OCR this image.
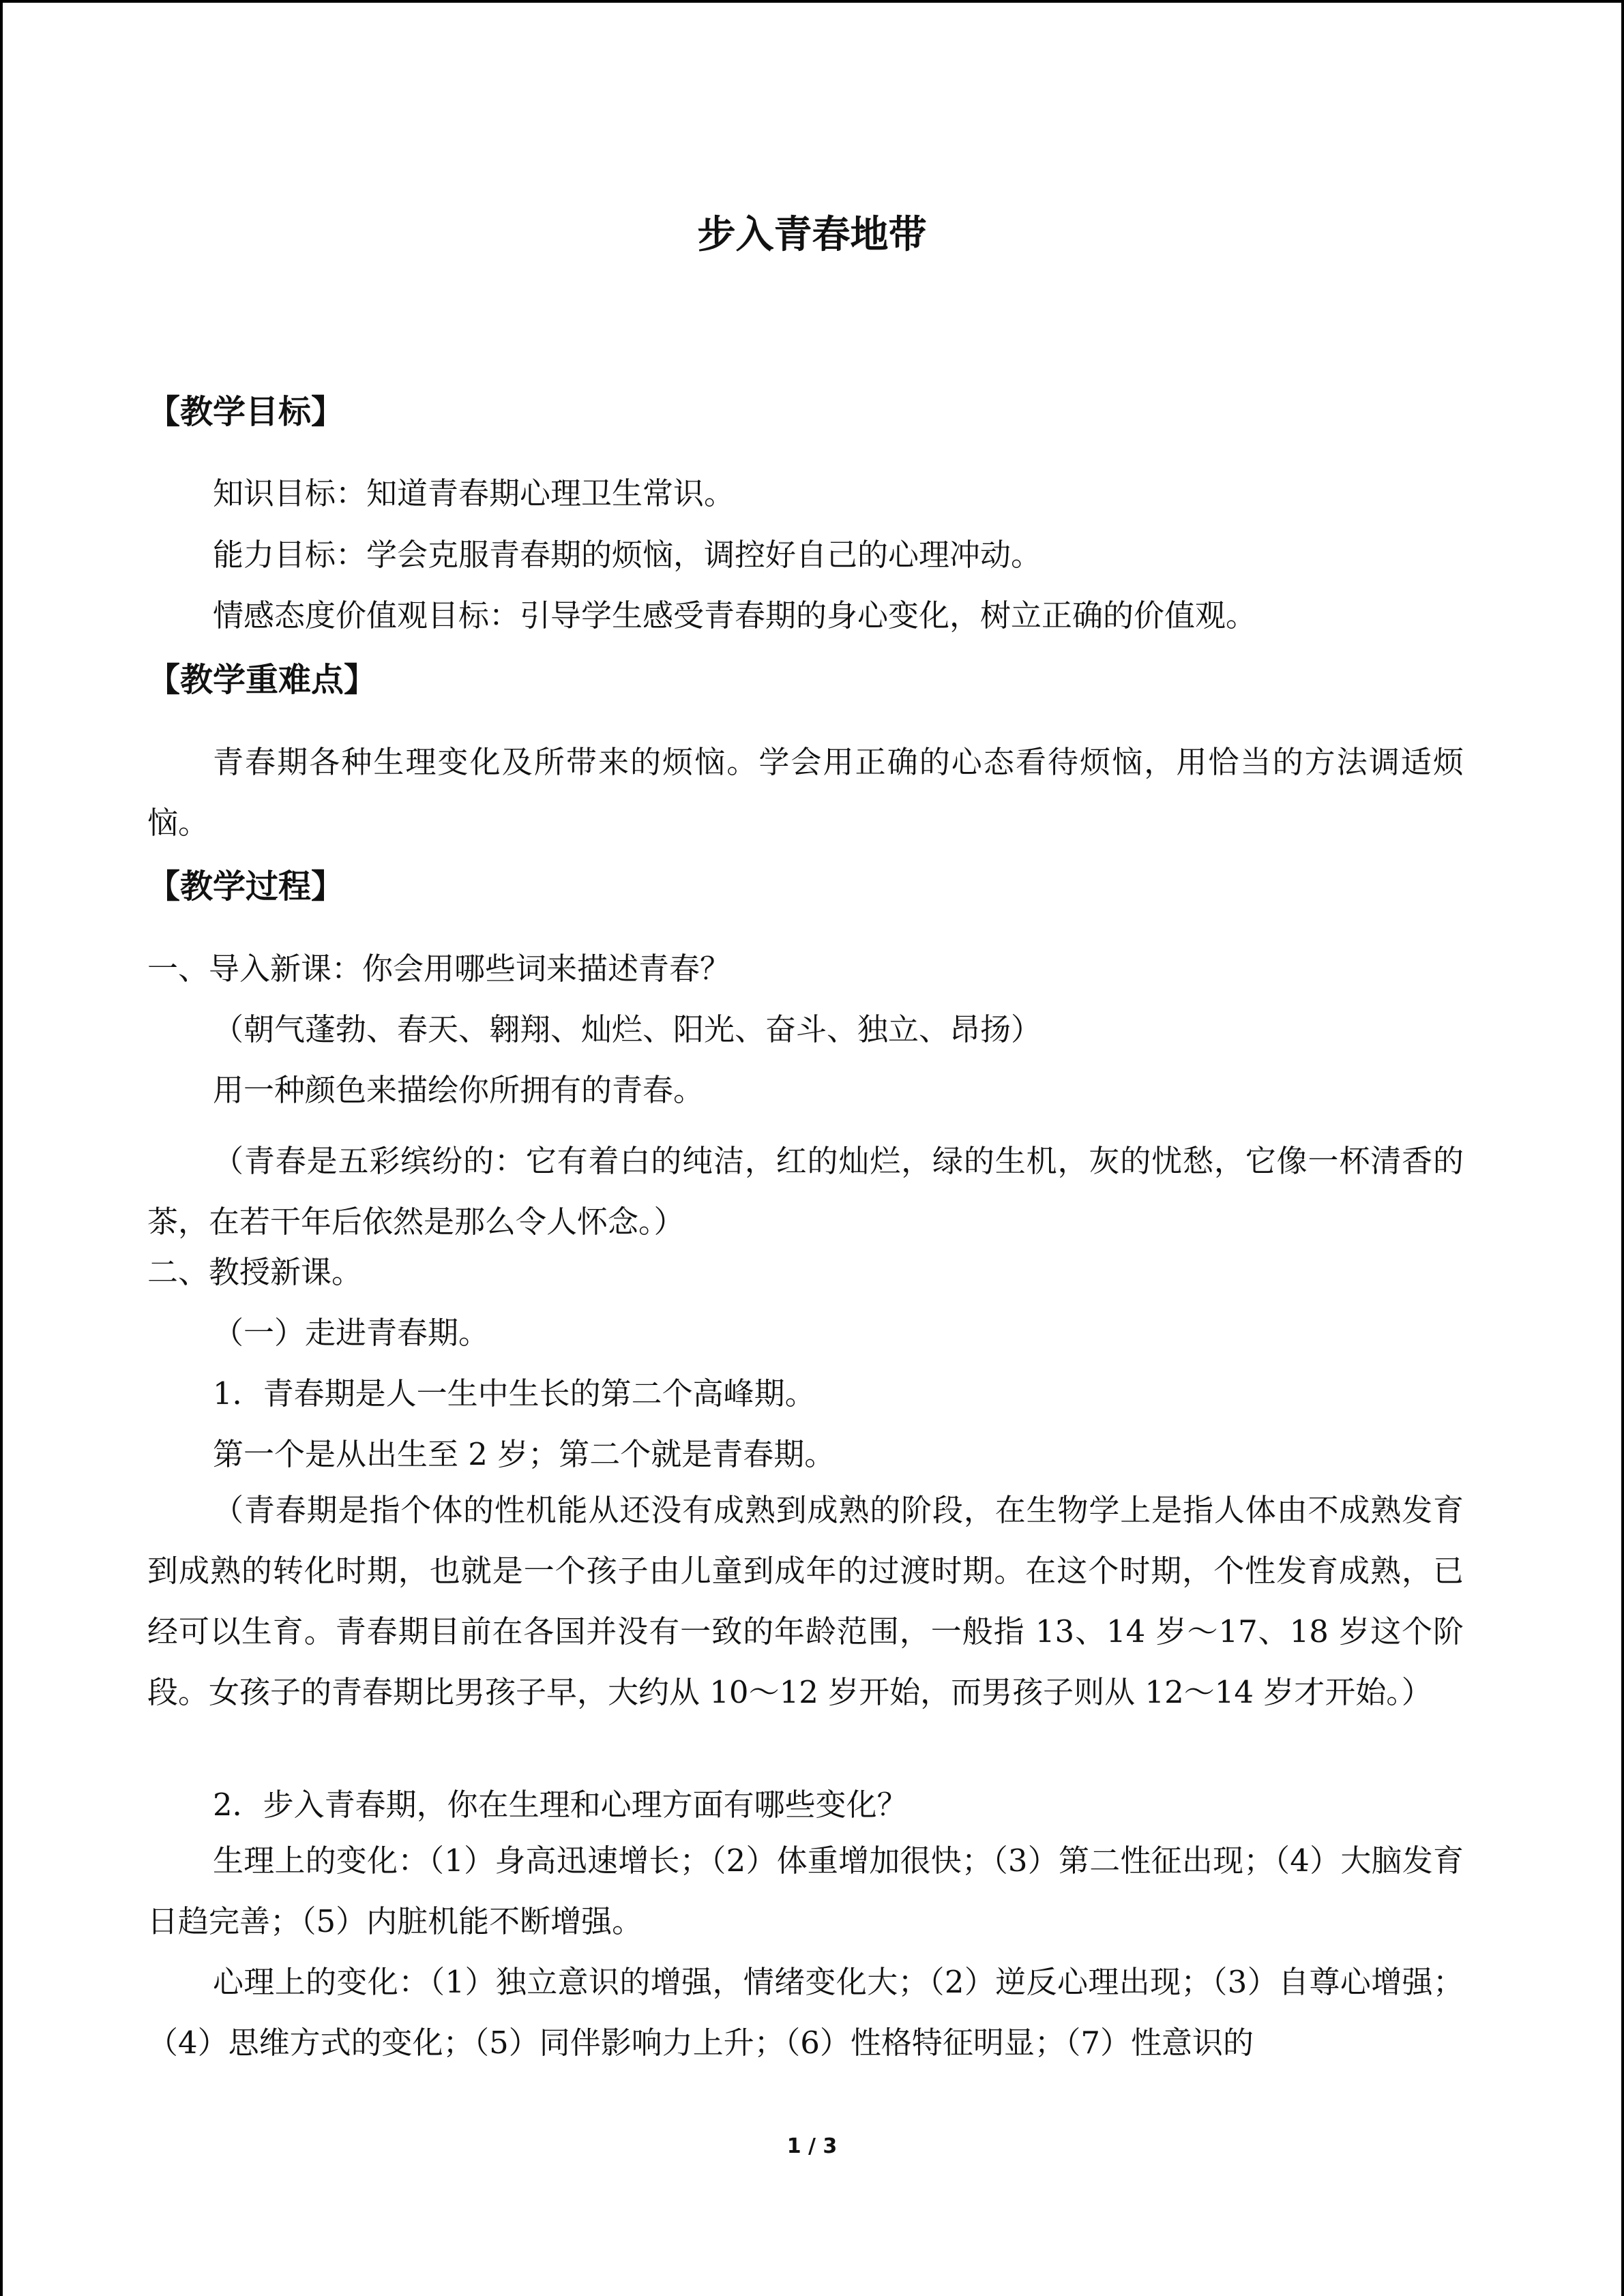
步入青春地带
【教学目标】
知识目标：知道青春期心理卫生常识。
能力目标：学会克服青春期的烦恼，调控好自己的心理冲动。
情感态度价值观目标：引导学生感受青春期的身心变化，树立正确的价值观。
【教学重难点】
青春期各种生理变化及所带来的烦恼。学会用正确的心态看待烦恼，用恰当的方法调适烦恼。
【教学过程】
一、导入新课：你会用哪些词来描述青春？
（朝气蓬勃、春天、翱翔、灿烂、阳光、奋斗、独立、昂扬）
用一种颜色来描绘你所拥有的青春。
（青春是五彩缤纷的：它有着白的纯洁，红的灿烂，绿的生机，灰的忧愁，它像一杯清香的茶，在若干年后依然是那么令人怀念。）
二、教授新课。
（一）走进青春期。
1．青春期是人一生中生长的第二个高峰期。
第一个是从出生至 2 岁；第二个就是青春期。
（青春期是指个体的性机能从还没有成熟到成熟的阶段，在生物学上是指人体由不成熟发育到成熟的转化时期，也就是一个孩子由儿童到成年的过渡时期。在这个时期，个性发育成熟，已经可以生育。青春期目前在各国并没有一致的年龄范围，一般指 13、14 岁～17、18 岁这个阶段。女孩子的青春期比男孩子早，大约从 10～12 岁开始，而男孩子则从 12～14 岁才开始。）
2．步入青春期，你在生理和心理方面有哪些变化？
生理上的变化：（1）身高迅速增长；（2）体重增加很快；（3）第二性征出现；（4）大脑发育日趋完善；（5）内脏机能不断增强。
心理上的变化：（1）独立意识的增强，情绪变化大；（2）逆反心理出现；（3）自尊心增强；（4）思维方式的变化；（5）同伴影响力上升；（6）性格特征明显；（7）性意识的
1 / 3
